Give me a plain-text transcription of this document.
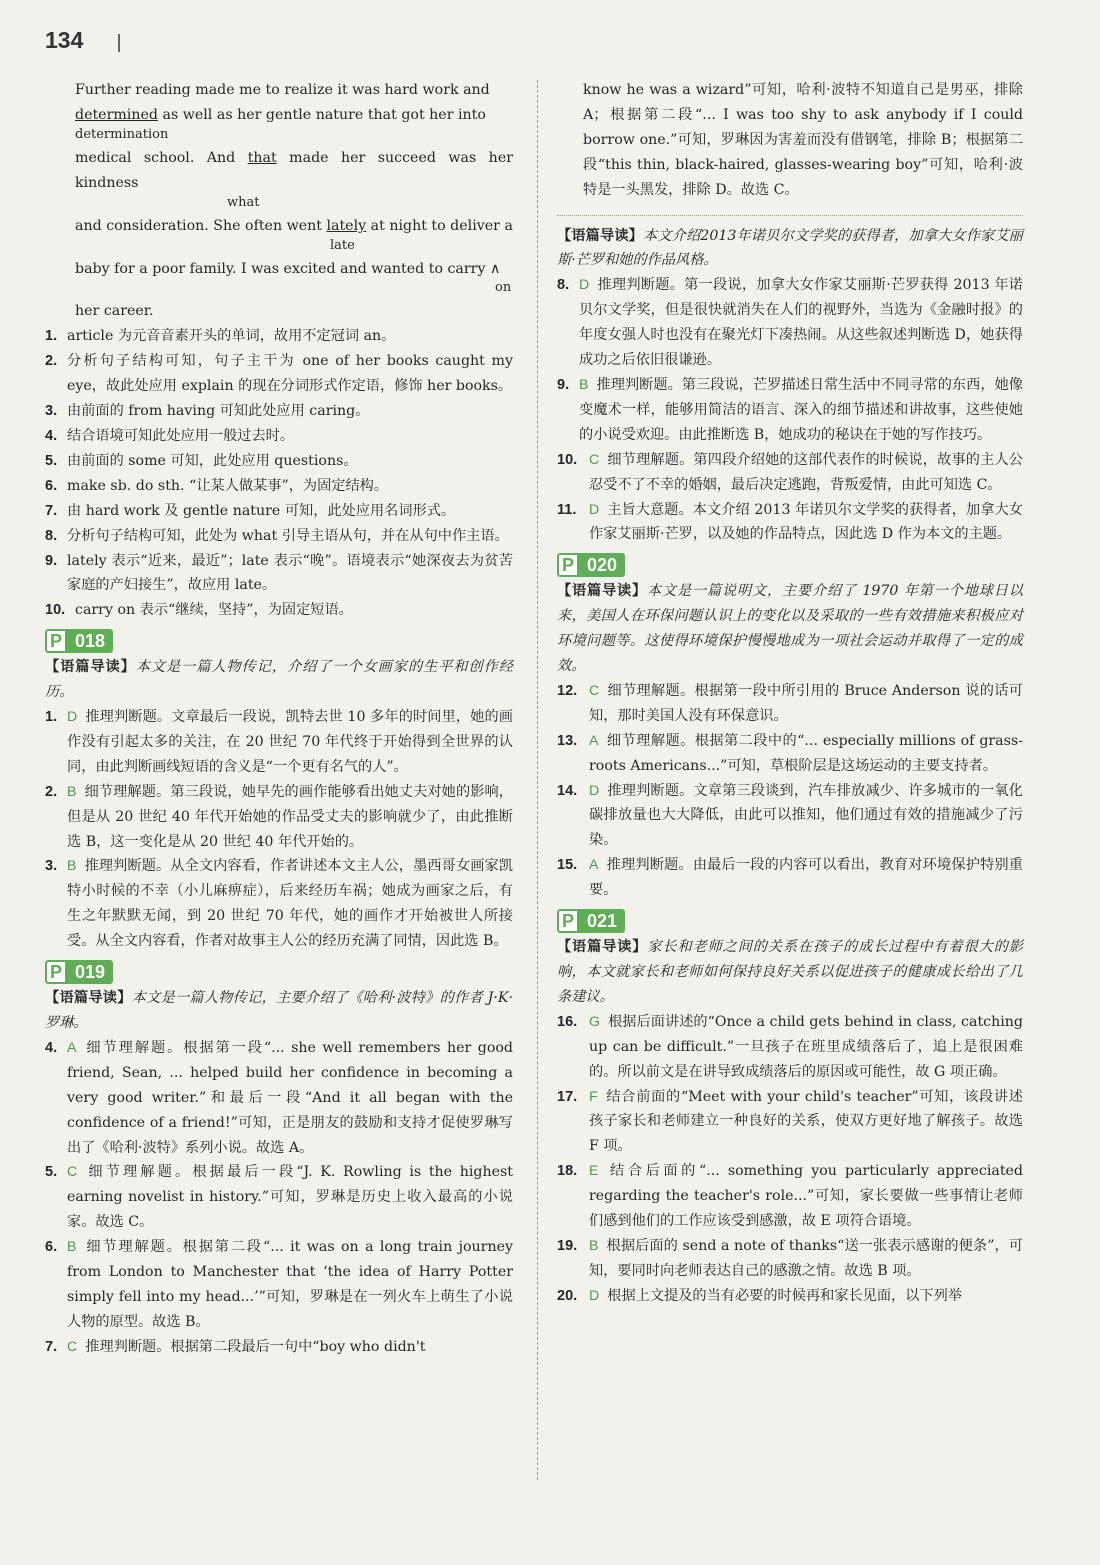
134

Further reading made me to realize it was hard work and

determined as well as her gentle nature that got her into

determination

medical school. And that made her succeed was her kindness

what

and consideration. She often went lately at night to deliver a

late

baby for a poor family. I was excited and wanted to carry ∧

on

her career.

1. article 为元音音素开头的单词，故用不定冠词 an。
2. 分析句子结构可知，句子主干为 one of her books caught my eye，故此处应用 explain 的现在分词形式作定语，修饰 her books。
3. 由前面的 from having 可知此处应用 caring。
4. 结合语境可知此处应用一般过去时。
5. 由前面的 some 可知，此处应用 questions。
6. make sb. do sth. “让某人做某事”，为固定结构。
7. 由 hard work 及 gentle nature 可知，此处应用名词形式。
8. 分析句子结构可知，此处为 what 引导主语从句，并在从句中作主语。
9. lately 表示“近来，最近”；late 表示“晚”。语境表示“她深夜去为贫苦家庭的产妇接生”，故应用 late。
10. carry on 表示“继续，坚持”，为固定短语。
P 018
【语篇导读】本文是一篇人物传记，介绍了一个女画家的生平和创作经历。
1. D 推理判断题。文章最后一段说，凯特去世 10 多年的时间里，她的画作没有引起太多的关注，在 20 世纪 70 年代终于开始得到全世界的认同，由此判断画线短语的含义是“一个更有名气的人”。
2. B 细节理解题。第三段说，她早先的画作能够看出她丈夫对她的影响，但是从 20 世纪 40 年代开始她的作品受丈夫的影响就少了，由此推断选 B，这一变化是从 20 世纪 40 年代开始的。
3. B 推理判断题。从全文内容看，作者讲述本文主人公，墨西哥女画家凯特小时候的不幸（小儿麻痹症），后来经历车祸；她成为画家之后，有生之年默默无闻，到 20 世纪 70 年代，她的画作才开始被世人所接受。从全文内容看，作者对故事主人公的经历充满了同情，因此选 B。
P 019
【语篇导读】本文是一篇人物传记，主要介绍了《哈利·波特》的作者 J·K·罗琳。
4. A 细节理解题。根据第一段“... she well remembers her good friend, Sean, ... helped build her confidence in becoming a very good writer.”和最后一段“And it all began with the confidence of a friend!”可知，正是朋友的鼓励和支持才促使罗琳写出了《哈利·波特》系列小说。故选 A。
5. C 细节理解题。根据最后一段“J. K. Rowling is the highest earning novelist in history.”可知，罗琳是历史上收入最高的小说家。故选 C。
6. B 细节理解题。根据第二段“... it was on a long train journey from London to Manchester that ‘the idea of Harry Potter simply fell into my head...’”可知，罗琳是在一列火车上萌生了小说人物的原型。故选 B。
7. C 推理判断题。根据第二段最后一句中“boy who didn't
know he was a wizard”可知，哈利·波特不知道自己是男巫，排除 A；根据第二段“... I was too shy to ask anybody if I could borrow one.”可知，罗琳因为害羞而没有借钢笔，排除 B；根据第二段“this thin, black-haired, glasses-wearing boy”可知，哈利·波特是一头黑发，排除 D。故选 C。
【语篇导读】本文介绍2013年诺贝尔文学奖的获得者，加拿大女作家艾丽斯·芒罗和她的作品风格。
8. D 推理判断题。第一段说，加拿大女作家艾丽斯·芒罗获得 2013 年诺贝尔文学奖，但是很快就消失在人们的视野外，当选为《金融时报》的年度女强人时也没有在聚光灯下凑热闹。从这些叙述判断选 D，她获得成功之后依旧很谦逊。
9. B 推理判断题。第三段说，芒罗描述日常生活中不同寻常的东西，她像变魔术一样，能够用简洁的语言、深入的细节描述和讲故事，这些使她的小说受欢迎。由此推断选 B，她成功的秘诀在于她的写作技巧。
10. C 细节理解题。第四段介绍她的这部代表作的时候说，故事的主人公忍受不了不幸的婚姻，最后决定逃跑，背叛爱情，由此可知选 C。
11. D 主旨大意题。本文介绍 2013 年诺贝尔文学奖的获得者，加拿大女作家艾丽斯·芒罗，以及她的作品特点，因此选 D 作为本文的主题。
P 020
【语篇导读】本文是一篇说明文，主要介绍了 1970 年第一个地球日以来，美国人在环保问题认识上的变化以及采取的一些有效措施来积极应对环境问题等。这使得环境保护慢慢地成为一项社会运动并取得了一定的成效。
12. C 细节理解题。根据第一段中所引用的 Bruce Anderson 说的话可知，那时美国人没有环保意识。
13. A 细节理解题。根据第二段中的“... especially millions of grass-roots Americans...”可知，草根阶层是这场运动的主要支持者。
14. D 推理判断题。文章第三段谈到，汽车排放减少、许多城市的一氧化碳排放量也大大降低，由此可以推知，他们通过有效的措施减少了污染。
15. A 推理判断题。由最后一段的内容可以看出，教育对环境保护特别重要。
P 021
【语篇导读】家长和老师之间的关系在孩子的成长过程中有着很大的影响，本文就家长和老师如何保持良好关系以促进孩子的健康成长给出了几条建议。
16. G 根据后面讲述的“Once a child gets behind in class, catching up can be difficult.”一旦孩子在班里成绩落后了，追上是很困难的。所以前文是在讲导致成绩落后的原因或可能性，故 G 项正确。
17. F 结合前面的“Meet with your child's teacher”可知，该段讲述孩子家长和老师建立一种良好的关系，使双方更好地了解孩子。故选 F 项。
18. E 结合后面的“... something you particularly appreciated regarding the teacher's role...”可知，家长要做一些事情让老师们感到他们的工作应该受到感激，故 E 项符合语境。
19. B 根据后面的 send a note of thanks“送一张表示感谢的便条”，可知，要同时向老师表达自己的感激之情。故选 B 项。
20. D 根据上文提及的当有必要的时候再和家长见面，以下列举
